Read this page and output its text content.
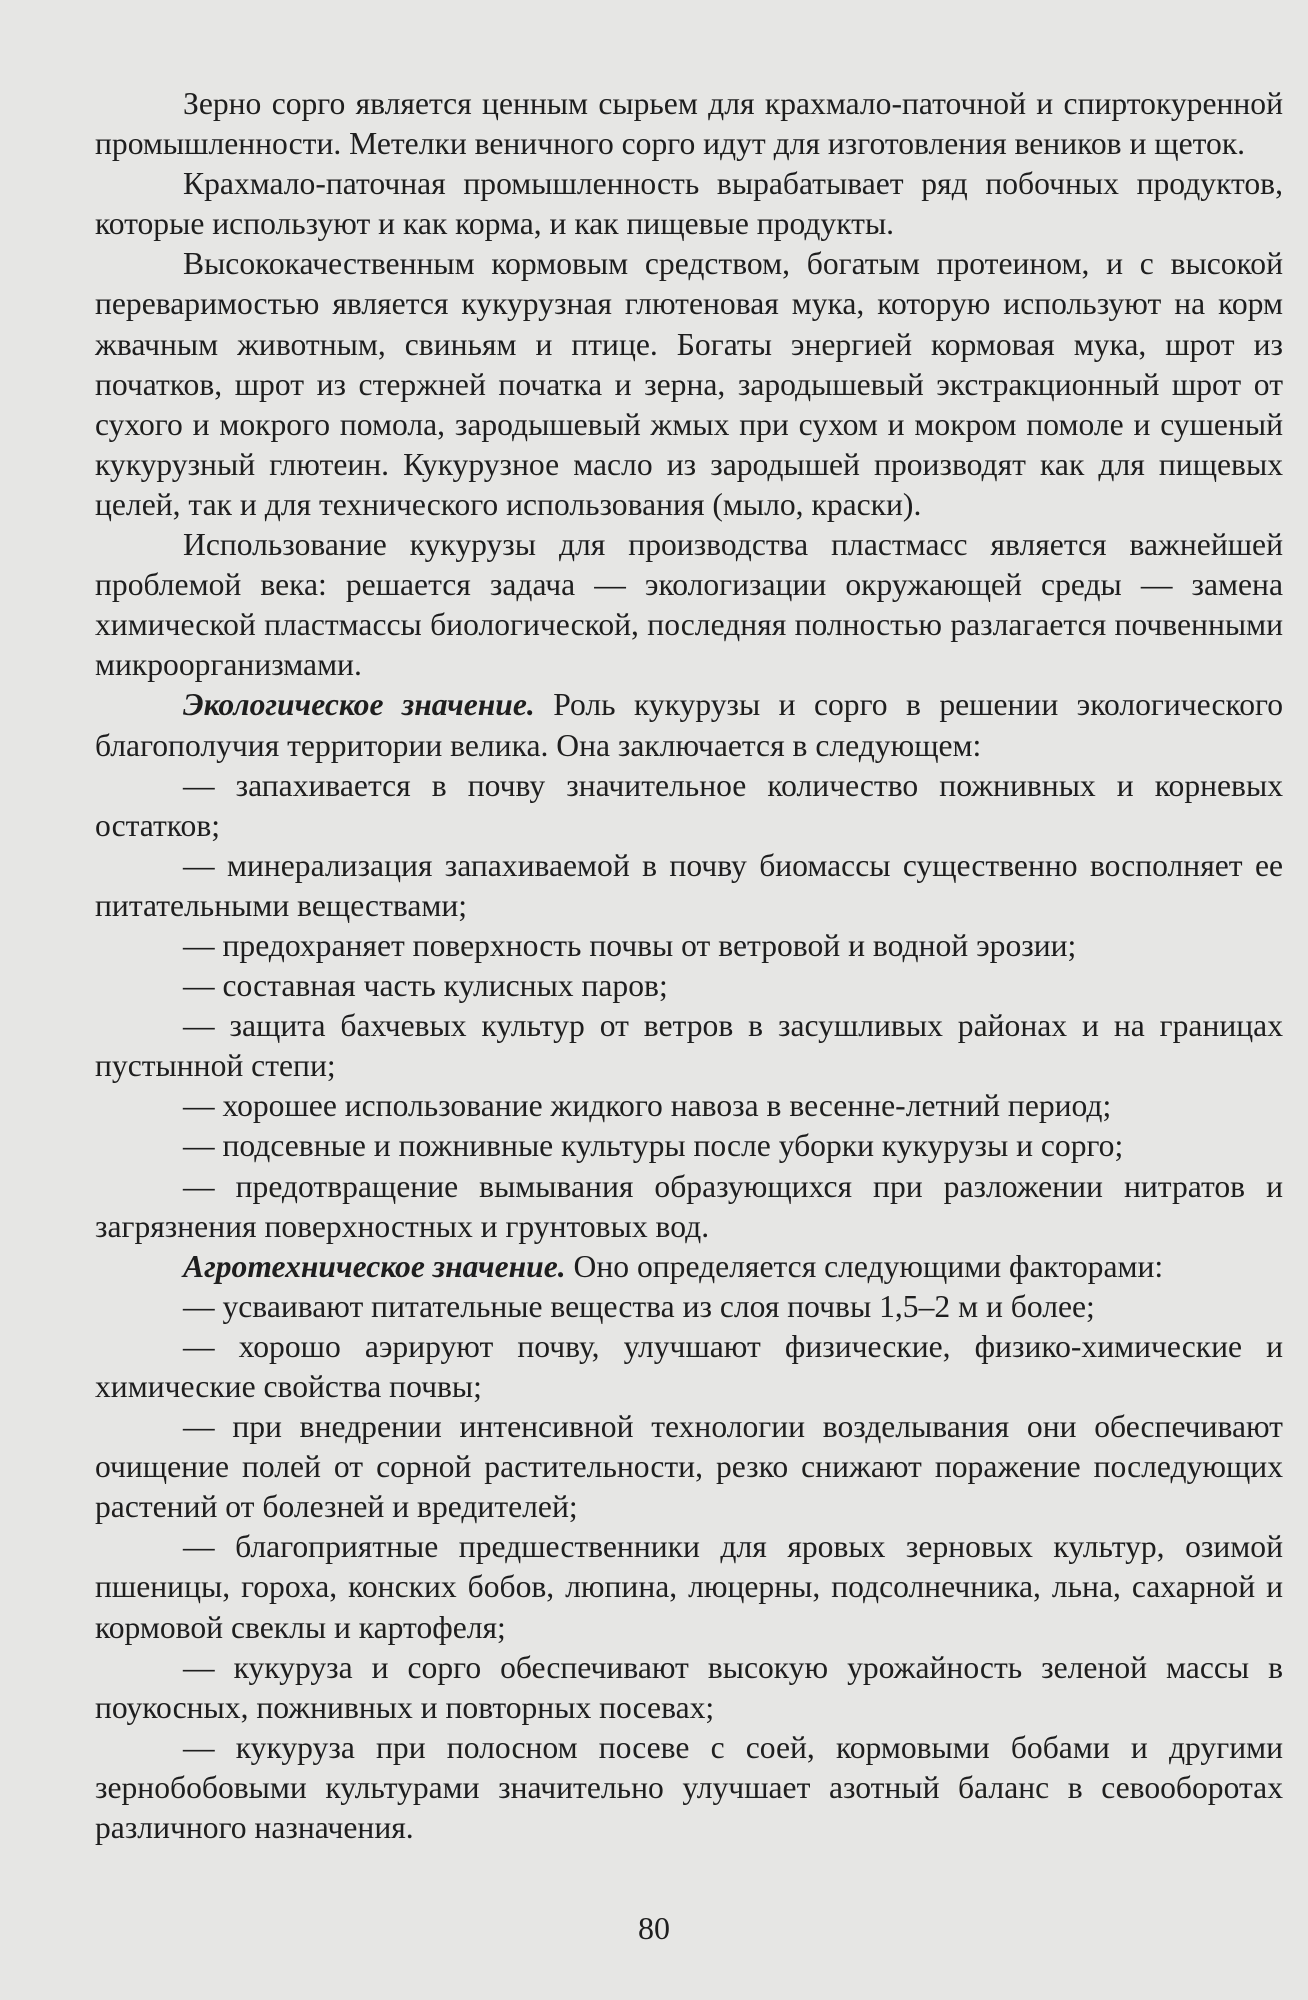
Зерно сорго является ценным сырьем для крахмало-паточной и спиртокуренной промышленности. Метелки веничного сорго идут для изготовления веников и щеток.

Крахмало-паточная промышленность вырабатывает ряд побочных продуктов, которые используют и как корма, и как пищевые продукты.

Высококачественным кормовым средством, богатым протеином, и с высокой переваримостью является кукурузная глютеновая мука, которую используют на корм жвачным животным, свиньям и птице. Богаты энергией кормовая мука, шрот из початков, шрот из стержней початка и зерна, зародышевый экстракционный шрот от сухого и мокрого помола, зародышевый жмых при сухом и мокром помоле и сушеный кукурузный глютеин. Кукурузное масло из зародышей производят как для пищевых целей, так и для технического использования (мыло, краски).

Использование кукурузы для производства пластмасс является важнейшей проблемой века: решается задача — экологизации окружающей среды — замена химической пластмассы биологической, последняя полностью разлагается почвенными микроорганизмами.

Экологическое значение. Роль кукурузы и сорго в решении экологического благополучия территории велика. Она заключается в следующем:

— запахивается в почву значительное количество пожнивных и корневых остатков;

— минерализация запахиваемой в почву биомассы существенно восполняет ее питательными веществами;

— предохраняет поверхность почвы от ветровой и водной эрозии;

— составная часть кулисных паров;

— защита бахчевых культур от ветров в засушливых районах и на границах пустынной степи;

— хорошее использование жидкого навоза в весенне-летний период;

— подсевные и пожнивные культуры после уборки кукурузы и сорго;

— предотвращение вымывания образующихся при разложении нитратов и загрязнения поверхностных и грунтовых вод.

Агротехническое значение. Оно определяется следующими факторами:

— усваивают питательные вещества из слоя почвы 1,5–2 м и более;

— хорошо аэрируют почву, улучшают физические, физико-химические и химические свойства почвы;

— при внедрении интенсивной технологии возделывания они обеспечивают очищение полей от сорной растительности, резко снижают поражение последующих растений от болезней и вредителей;

— благоприятные предшественники для яровых зерновых культур, озимой пшеницы, гороха, конских бобов, люпина, люцерны, подсолнечника, льна, сахарной и кормовой свеклы и картофеля;

— кукуруза и сорго обеспечивают высокую урожайность зеленой массы в поукосных, пожнивных и повторных посевах;

— кукуруза при полосном посеве с соей, кормовыми бобами и другими зернобобовыми культурами значительно улучшает азотный баланс в севооборотах различного назначения.

80
